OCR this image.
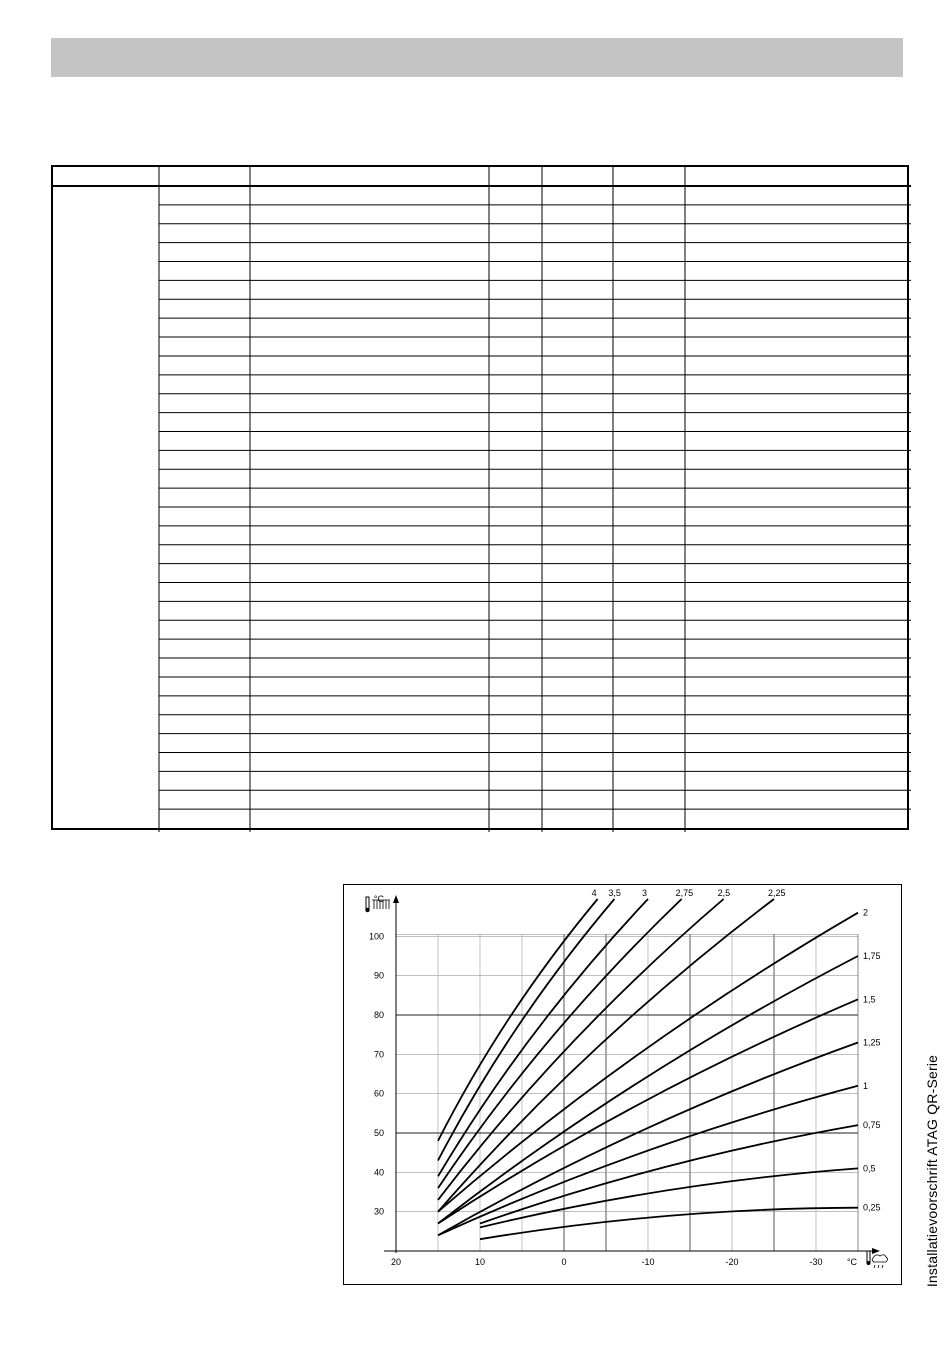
4 3,5 3	2,75	2,5	2,25
2
1,75
1,5
1,25
1
0,75
0,5
0,25
30
40
50
60
70
80
90
100
°C
20	10	0	-10	-20	-30	°C	Installatievoorschrift ATAG QR-Serie
